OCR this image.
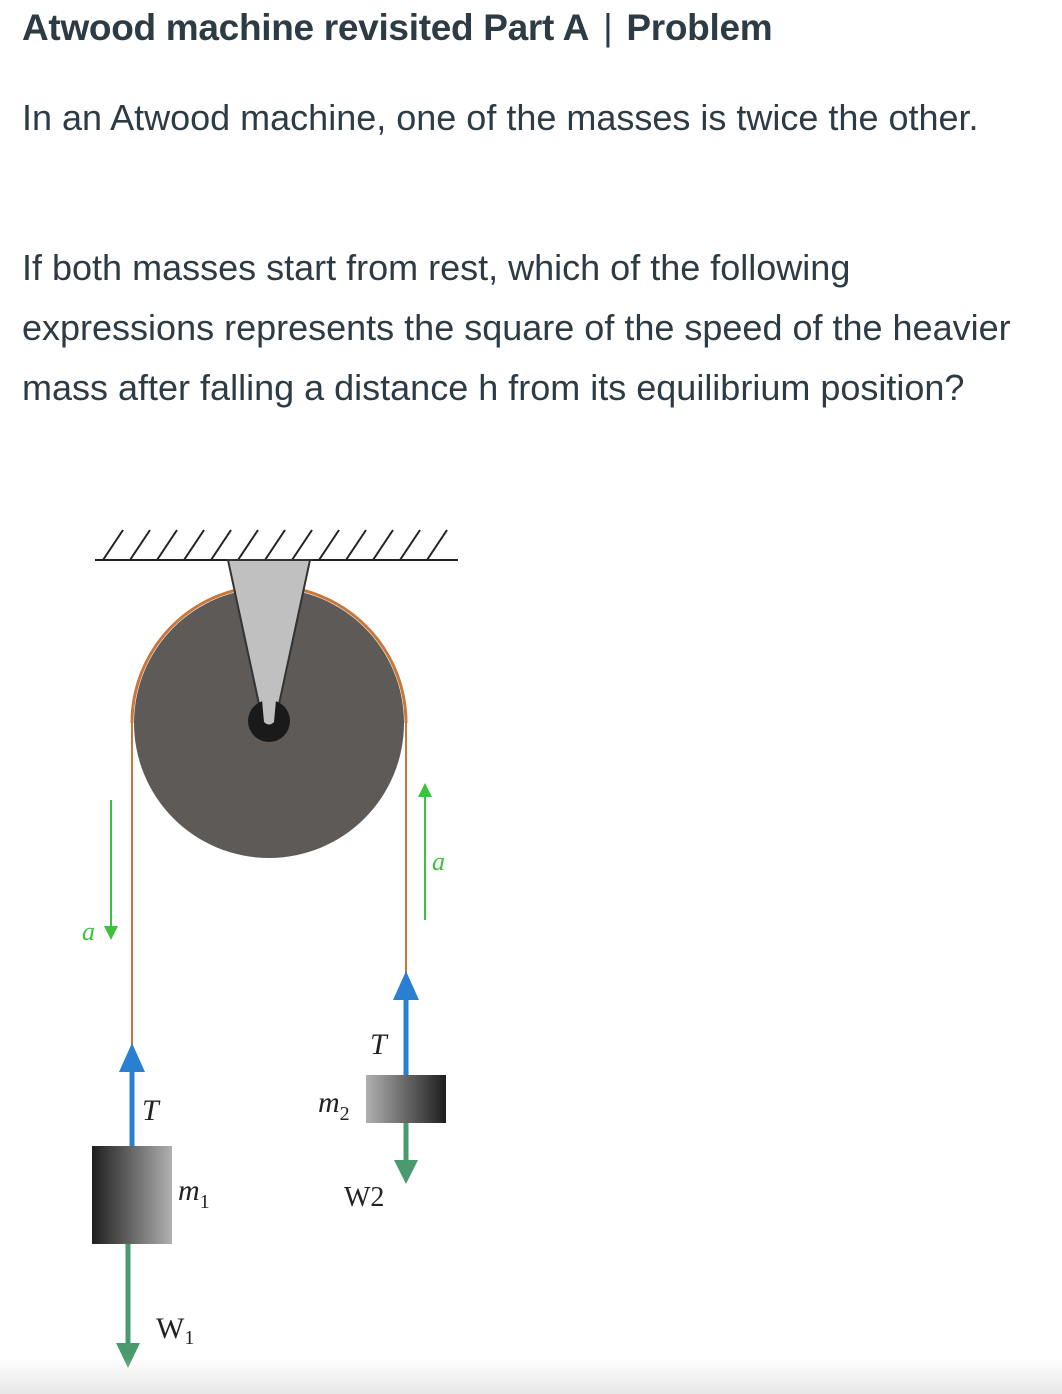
Atwood machine revisited Part A | Problem

In an Atwood machine, one of the masses is twice the other.

If both masses start from rest, which of the following expressions represents the square of the speed of the heavier mass after falling a distance h from its equilibrium position?

a
a
T
m1
W1
T
m2
W2
